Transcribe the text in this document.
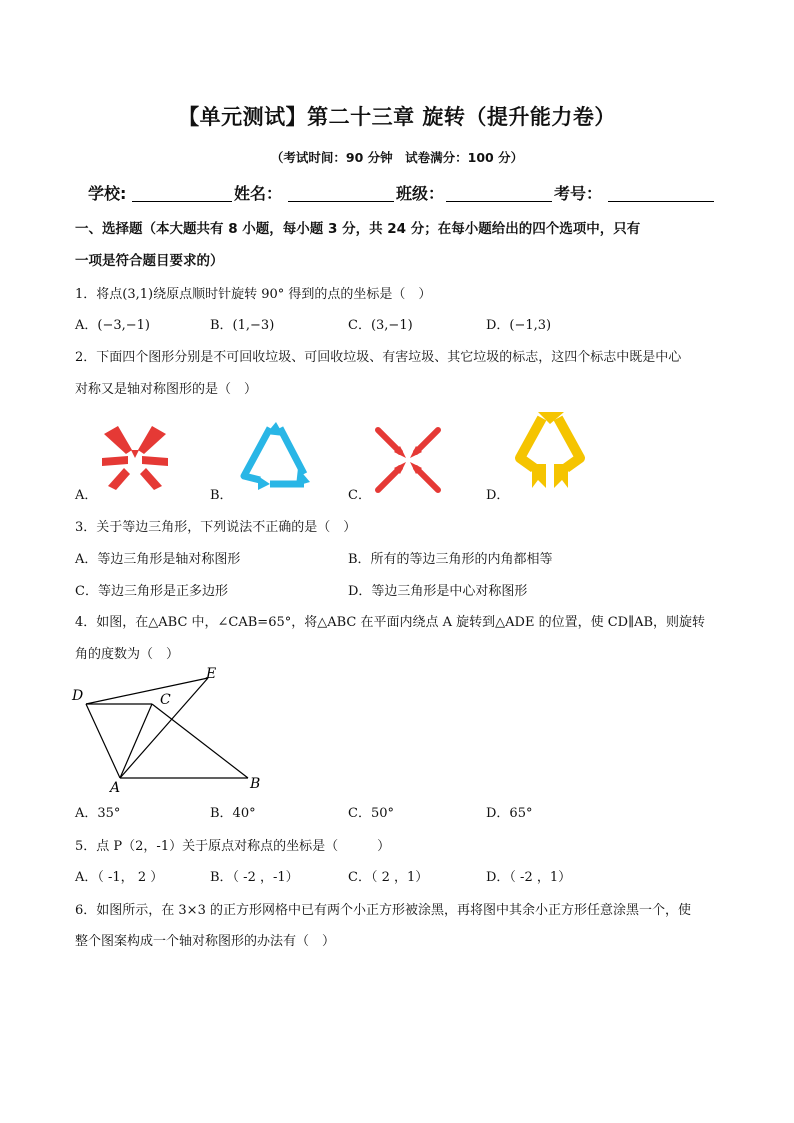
【单元测试】第二十三章 旋转（提升能力卷）
（考试时间：90 分钟　试卷满分：100 分）
学校:	姓名：	班级：	考号：
一、选择题（本大题共有 8 小题，每小题 3 分，共 24 分；在每小题给出的四个选项中，只有
一项是符合题目要求的）
1．将点(3,1)绕原点顺时针旋转 90° 得到的点的坐标是（　）
A．(−3,−1)	B．(1,−3)	C．(3,−1)	D．(−1,3)
2．下面四个图形分别是不可回收垃圾、可回收垃圾、有害垃圾、其它垃圾的标志，这四个标志中既是中心
对称又是轴对称图形的是（　）
A．	B．	C．	D．
3．关于等边三角形，下列说法不正确的是（　）
A．等边三角形是轴对称图形	B．所有的等边三角形的内角都相等
C．等边三角形是正多边形	D．等边三角形是中心对称图形
4．如图，在△ABC 中，∠CAB=65°，将△ABC 在平面内绕点 A 旋转到△ADE 的位置，使 CD∥AB，则旋转
角的度数为（　）
D	C
E
A	B
A．35°	B．40°	C．50°	D．65°
5．点 P（2，-1）关于原点对称点的坐标是（　　　）
A．（ -1， 2 ）	B．（ -2 ，-1）	C．（ 2 ，1）	D．（ -2 ，1）
6．如图所示，在 3×3 的正方形网格中已有两个小正方形被涂黑，再将图中其余小正方形任意涂黑一个，使
整个图案构成一个轴对称图形的办法有（　）
